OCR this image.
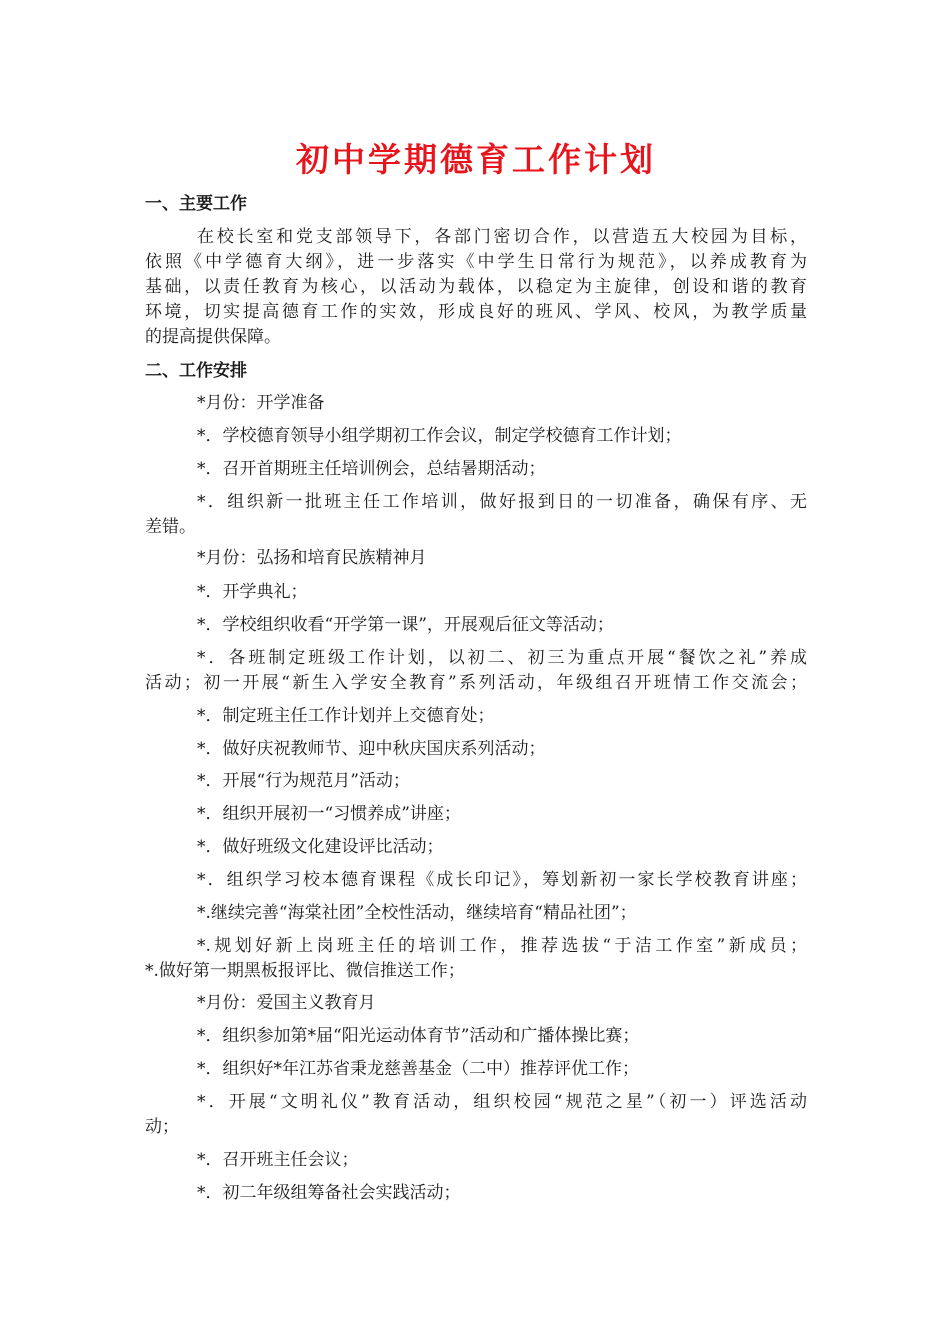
初中学期德育工作计划
一、主要工作
在校长室和党支部领导下，各部门密切合作，以营造五大校园为目标，
依照《中学德育大纲》，进一步落实《中学生日常行为规范》，以养成教育为
基础，以责任教育为核心，以活动为载体，以稳定为主旋律，创设和谐的教育
环境，切实提高德育工作的实效，形成良好的班风、学风、校风，为教学质量
的提高提供保障。
二、工作安排
*月份：开学准备
*．学校德育领导小组学期初工作会议，制定学校德育工作计划；
*．召开首期班主任培训例会，总结暑期活动；
*．组织新一批班主任工作培训，做好报到日的一切准备，确保有序、无
差错。
*月份：弘扬和培育民族精神月
*．开学典礼；
*．学校组织收看“开学第一课”，开展观后征文等活动；
*．各班制定班级工作计划，以初二、初三为重点开展“餐饮之礼”养成
活动；初一开展“新生入学安全教育”系列活动，年级组召开班情工作交流会；
*．制定班主任工作计划并上交德育处；
*．做好庆祝教师节、迎中秋庆国庆系列活动；
*．开展“行为规范月”活动；
*．组织开展初一“习惯养成”讲座；
*．做好班级文化建设评比活动；
*．组织学习校本德育课程《成长印记》，筹划新初一家长学校教育讲座；
*.继续完善“海棠社团”全校性活动，继续培育“精品社团”；
*.规划好新上岗班主任的培训工作，推荐选拔“于洁工作室”新成员；
*.做好第一期黑板报评比、微信推送工作；
*月份：爱国主义教育月
*．组织参加第*届“阳光运动体育节”活动和广播体操比赛；
*．组织好*年江苏省秉龙慈善基金（二中）推荐评优工作；
*．开展“文明礼仪”教育活动，组织校园“规范之星”（初一）评选活动
动；
*．召开班主任会议；
*．初二年级组筹备社会实践活动；
